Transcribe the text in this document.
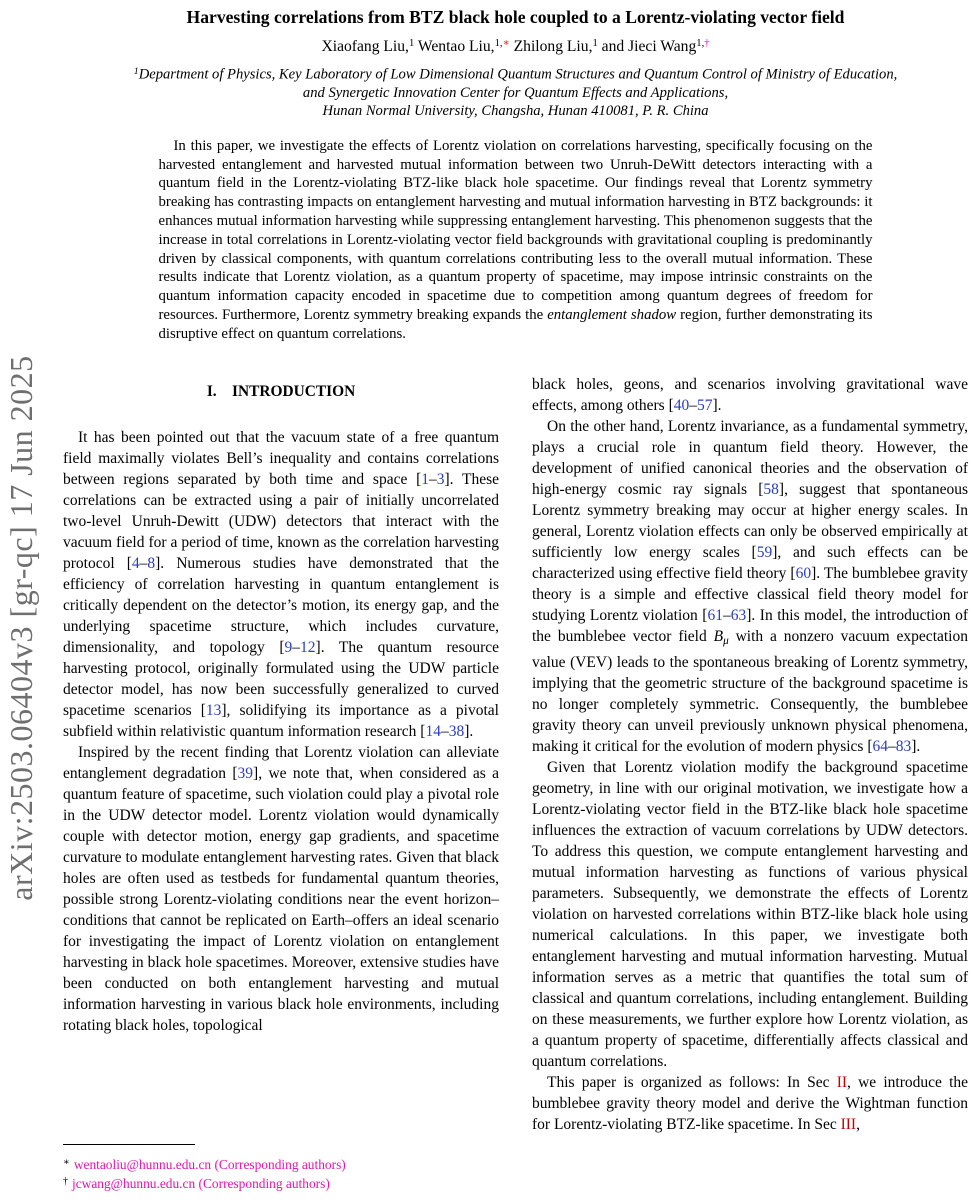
arXiv:2503.06404v3 [gr-qc] 17 Jun 2025
Harvesting correlations from BTZ black hole coupled to a Lorentz-violating vector field
Xiaofang Liu,$^1$ Wentao Liu,$^{1,∗}$ Zhilong Liu,$^1$ and Jieci Wang$^{1,\dagger}$
$^1$Department of Physics, Key Laboratory of Low Dimensional Quantum Structures and Quantum Control of Ministry of Education,
and Synergetic Innovation Center for Quantum Effects and Applications,
Hunan Normal University, Changsha, Hunan 410081, P. R. China
In this paper, we investigate the effects of Lorentz violation on correlations harvesting, specifically focusing on the harvested entanglement and harvested mutual information between two Unruh-DeWitt detectors interacting with a quantum field in the Lorentz-violating BTZ-like black hole spacetime. Our findings reveal that Lorentz symmetry breaking has contrasting impacts on entanglement harvesting and mutual information harvesting in BTZ backgrounds: it enhances mutual information harvesting while suppressing entanglement harvesting. This phenomenon suggests that the increase in total correlations in Lorentz-violating vector field backgrounds with gravitational coupling is predominantly driven by classical components, with quantum correlations contributing less to the overall mutual information. These results indicate that Lorentz violation, as a quantum property of spacetime, may impose intrinsic constraints on the quantum information capacity encoded in spacetime due to competition among quantum degrees of freedom for resources. Furthermore, Lorentz symmetry breaking expands the entanglement shadow region, further demonstrating its disruptive effect on quantum correlations.
I. INTRODUCTION

It has been pointed out that the vacuum state of a free quantum field maximally violates Bell’s inequality and contains correlations between regions separated by both time and space [1–3]. These correlations can be extracted using a pair of initially uncorrelated two-level Unruh-Dewitt (UDW) detectors that interact with the vacuum field for a period of time, known as the correlation harvesting protocol [4–8]. Numerous studies have demonstrated that the efficiency of correlation harvesting in quantum entanglement is critically dependent on the detector’s motion, its energy gap, and the underlying spacetime structure, which includes curvature, dimensionality, and topology [9–12]. The quantum resource harvesting protocol, originally formulated using the UDW particle detector model, has now been successfully generalized to curved spacetime scenarios [13], solidifying its importance as a pivotal subfield within relativistic quantum information research [14–38].

Inspired by the recent finding that Lorentz violation can alleviate entanglement degradation [39], we note that, when considered as a quantum feature of spacetime, such violation could play a pivotal role in the UDW detector model. Lorentz violation would dynamically couple with detector motion, energy gap gradients, and spacetime curvature to modulate entanglement harvesting rates. Given that black holes are often used as testbeds for fundamental quantum theories, possible strong Lorentz-violating conditions near the event horizon–conditions that cannot be replicated on Earth–offers an ideal scenario for investigating the impact of Lorentz violation on entanglement harvesting in black hole spacetimes. Moreover, extensive studies have been conducted on both entanglement harvesting and mutual information harvesting in various black hole environments, including rotating black holes, topological

black holes, geons, and scenarios involving gravitational wave effects, among others [40–57].

On the other hand, Lorentz invariance, as a fundamental symmetry, plays a crucial role in quantum field theory. However, the development of unified canonical theories and the observation of high-energy cosmic ray signals [58], suggest that spontaneous Lorentz symmetry breaking may occur at higher energy scales. In general, Lorentz violation effects can only be observed empirically at sufficiently low energy scales [59], and such effects can be characterized using effective field theory [60]. The bumblebee gravity theory is a simple and effective classical field theory model for studying Lorentz violation [61–63]. In this model, the introduction of the bumblebee vector field Bμ with a nonzero vacuum expectation value (VEV) leads to the spontaneous breaking of Lorentz symmetry, implying that the geometric structure of the background spacetime is no longer completely symmetric. Consequently, the bumblebee gravity theory can unveil previously unknown physical phenomena, making it critical for the evolution of modern physics [64–83].

Given that Lorentz violation modify the background spacetime geometry, in line with our original motivation, we investigate how a Lorentz-violating vector field in the BTZ-like black hole spacetime influences the extraction of vacuum correlations by UDW detectors. To address this question, we compute entanglement harvesting and mutual information harvesting as functions of various physical parameters. Subsequently, we demonstrate the effects of Lorentz violation on harvested correlations within BTZ-like black hole using numerical calculations. In this paper, we investigate both entanglement harvesting and mutual information harvesting. Mutual information serves as a metric that quantifies the total sum of classical and quantum correlations, including entanglement. Building on these measurements, we further explore how Lorentz violation, as a quantum property of spacetime, differentially affects classical and quantum correlations.

This paper is organized as follows: In Sec II, we introduce the bumblebee gravity theory model and derive the Wightman function for Lorentz-violating BTZ-like spacetime. In Sec III,

∗ wentaoliu@hunnu.edu.cn (Corresponding authors)
† jcwang@hunnu.edu.cn (Corresponding authors)
